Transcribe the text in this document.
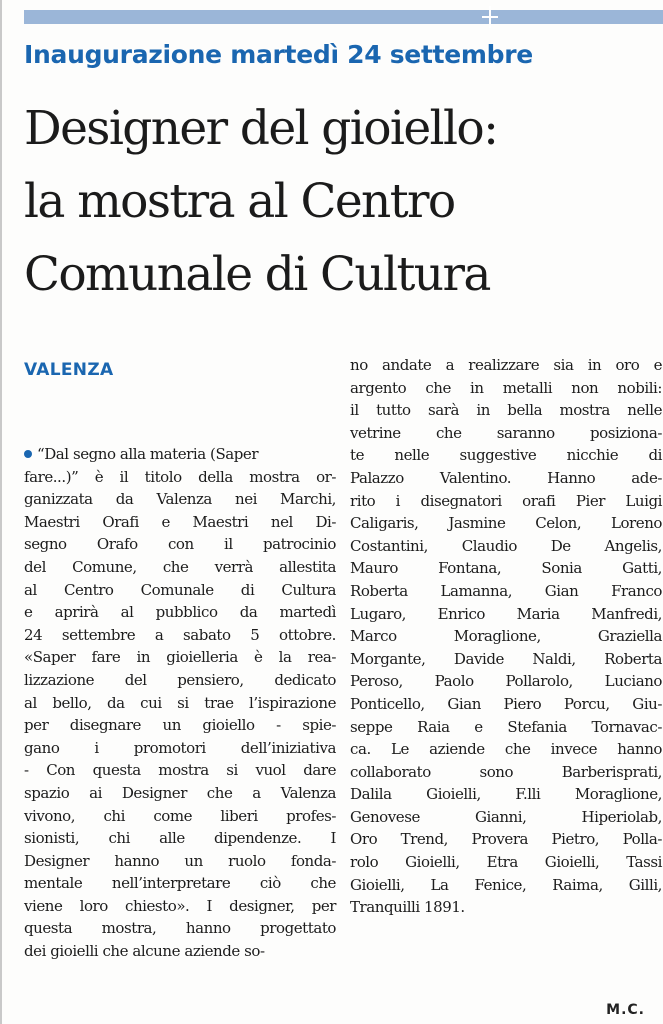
Inaugurazione martedì 24 settembre
Designer del gioiello:
la mostra al Centro
Comunale di Cultura
VALENZA
“Dal segno alla materia (Saper
fare...)” è il titolo della mostra or-
ganizzata da Valenza nei Marchi,
Maestri Orafi e Maestri nel Di-
segno Orafo con il patrocinio
del Comune, che verrà allestita
al Centro Comunale di Cultura
e aprirà al pubblico da martedì
24 settembre a sabato 5 ottobre.
«Saper fare in gioielleria è la rea-
lizzazione del pensiero, dedicato
al bello, da cui si trae l’ispirazione
per disegnare un gioiello - spie-
gano i promotori dell’iniziativa
- Con questa mostra si vuol dare
spazio ai Designer che a Valenza
vivono, chi come liberi profes-
sionisti, chi alle dipendenze. I
Designer hanno un ruolo fonda-
mentale nell’interpretare ciò che
viene loro chiesto». I designer, per
questa mostra, hanno progettato
dei gioielli che alcune aziende so-
no andate a realizzare sia in oro e
argento che in metalli non nobili:
il tutto sarà in bella mostra nelle
vetrine che saranno posiziona-
te nelle suggestive nicchie di
Palazzo Valentino. Hanno ade-
rito i disegnatori orafi Pier Luigi
Caligaris, Jasmine Celon, Loreno
Costantini, Claudio De Angelis,
Mauro Fontana, Sonia Gatti,
Roberta Lamanna, Gian Franco
Lugaro, Enrico Maria Manfredi,
Marco Moraglione, Graziella
Morgante, Davide Naldi, Roberta
Peroso, Paolo Pollarolo, Luciano
Ponticello, Gian Piero Porcu, Giu-
seppe Raia e Stefania Tornavac-
ca. Le aziende che invece hanno
collaborato sono Barberisprati,
Dalila Gioielli, F.lli Moraglione,
Genovese Gianni, Hiperiolab,
Oro Trend, Provera Pietro, Polla-
rolo Gioielli, Etra Gioielli, Tassi
Gioielli, La Fenice, Raima, Gilli,
Tranquilli 1891.
M.C.
